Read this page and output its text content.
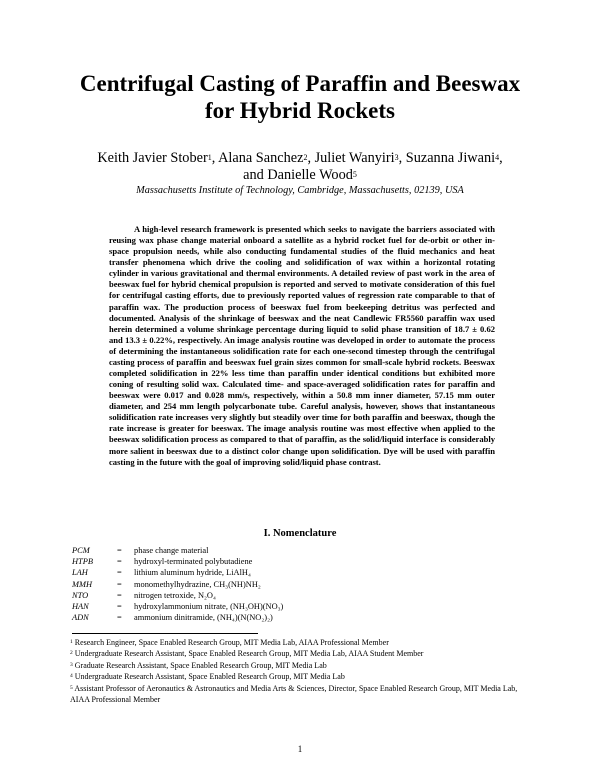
Centrifugal Casting of Paraffin and Beeswax
for Hybrid Rockets
Keith Javier Stober$^1$, Alana Sanchez$^2$, Juliet Wanyiri$^3$, Suzanna Jiwani$^4$,
and Danielle Wood$^5$
Massachusetts Institute of Technology, Cambridge, Massachusetts, 02139, USA

A high-level research framework is presented which seeks to navigate the barriers associated with reusing wax phase change material onboard a satellite as a hybrid rocket fuel for de-orbit or other in-space propulsion needs, while also conducting fundamental studies of the fluid mechanics and heat transfer phenomena which drive the cooling and solidification of wax within a horizontal rotating cylinder in various gravitational and thermal environments. A detailed review of past work in the area of beeswax fuel for hybrid chemical propulsion is reported and served to motivate consideration of this fuel for centrifugal casting efforts, due to previously reported values of regression rate comparable to that of paraffin wax. The production process of beeswax fuel from beekeeping detritus was perfected and documented. Analysis of the shrinkage of beeswax and the neat Candlewic FR5560 paraffin wax used herein determined a volume shrinkage percentage during liquid to solid phase transition of 18.7 ± 0.62 and 13.3 ± 0.22%, respectively. An image analysis routine was developed in order to automate the process of determining the instantaneous solidification rate for each one-second timestep through the centrifugal casting process of paraffin and beeswax fuel grain sizes common for small-scale hybrid rockets. Beeswax completed solidification in 22% less time than paraffin under identical conditions but exhibited more coning of resulting solid wax. Calculated time- and space-averaged solidification rates for paraffin and beeswax were 0.017 and 0.028 mm/s, respectively, within a 50.8 mm inner diameter, 57.15 mm outer diameter, and 254 mm length polycarbonate tube. Careful analysis, however, shows that instantaneous solidification rate increases very slightly but steadily over time for both paraffin and beeswax, though the rate increase is greater for beeswax. The image analysis routine was most effective when applied to the beeswax solidification process as compared to that of paraffin, as the solid/liquid interface is considerably more salient in beeswax due to a distinct color change upon solidification. Dye will be used with paraffin casting in the future with the goal of improving solid/liquid phase contrast.

I. Nomenclature
PCM	=	phase change material
HTPB	=	hydroxyl-terminated polybutadiene
LAH	=	lithium aluminum hydride, LiAlH₄
MMH	=	monomethylhydrazine, CH₃(NH)NH₂
NTO	=	nitrogen tetroxide, N₂O₄
HAN	=	hydroxylammonium nitrate, (NH₃OH)(NO₃)
ADN	=	ammonium dinitramide, (NH₄)(N(NO₂)₂)
$^1$ Research Engineer, Space Enabled Research Group, MIT Media Lab, AIAA Professional Member
$^2$ Undergraduate Research Assistant, Space Enabled Research Group, MIT Media Lab, AIAA Student Member
$^3$ Graduate Research Assistant, Space Enabled Research Group, MIT Media Lab
$^4$ Undergraduate Research Assistant, Space Enabled Research Group, MIT Media Lab
$^5$ Assistant Professor of Aeronautics & Astronautics and Media Arts & Sciences, Director, Space Enabled Research Group, MIT Media Lab, AIAA Professional Member
1
